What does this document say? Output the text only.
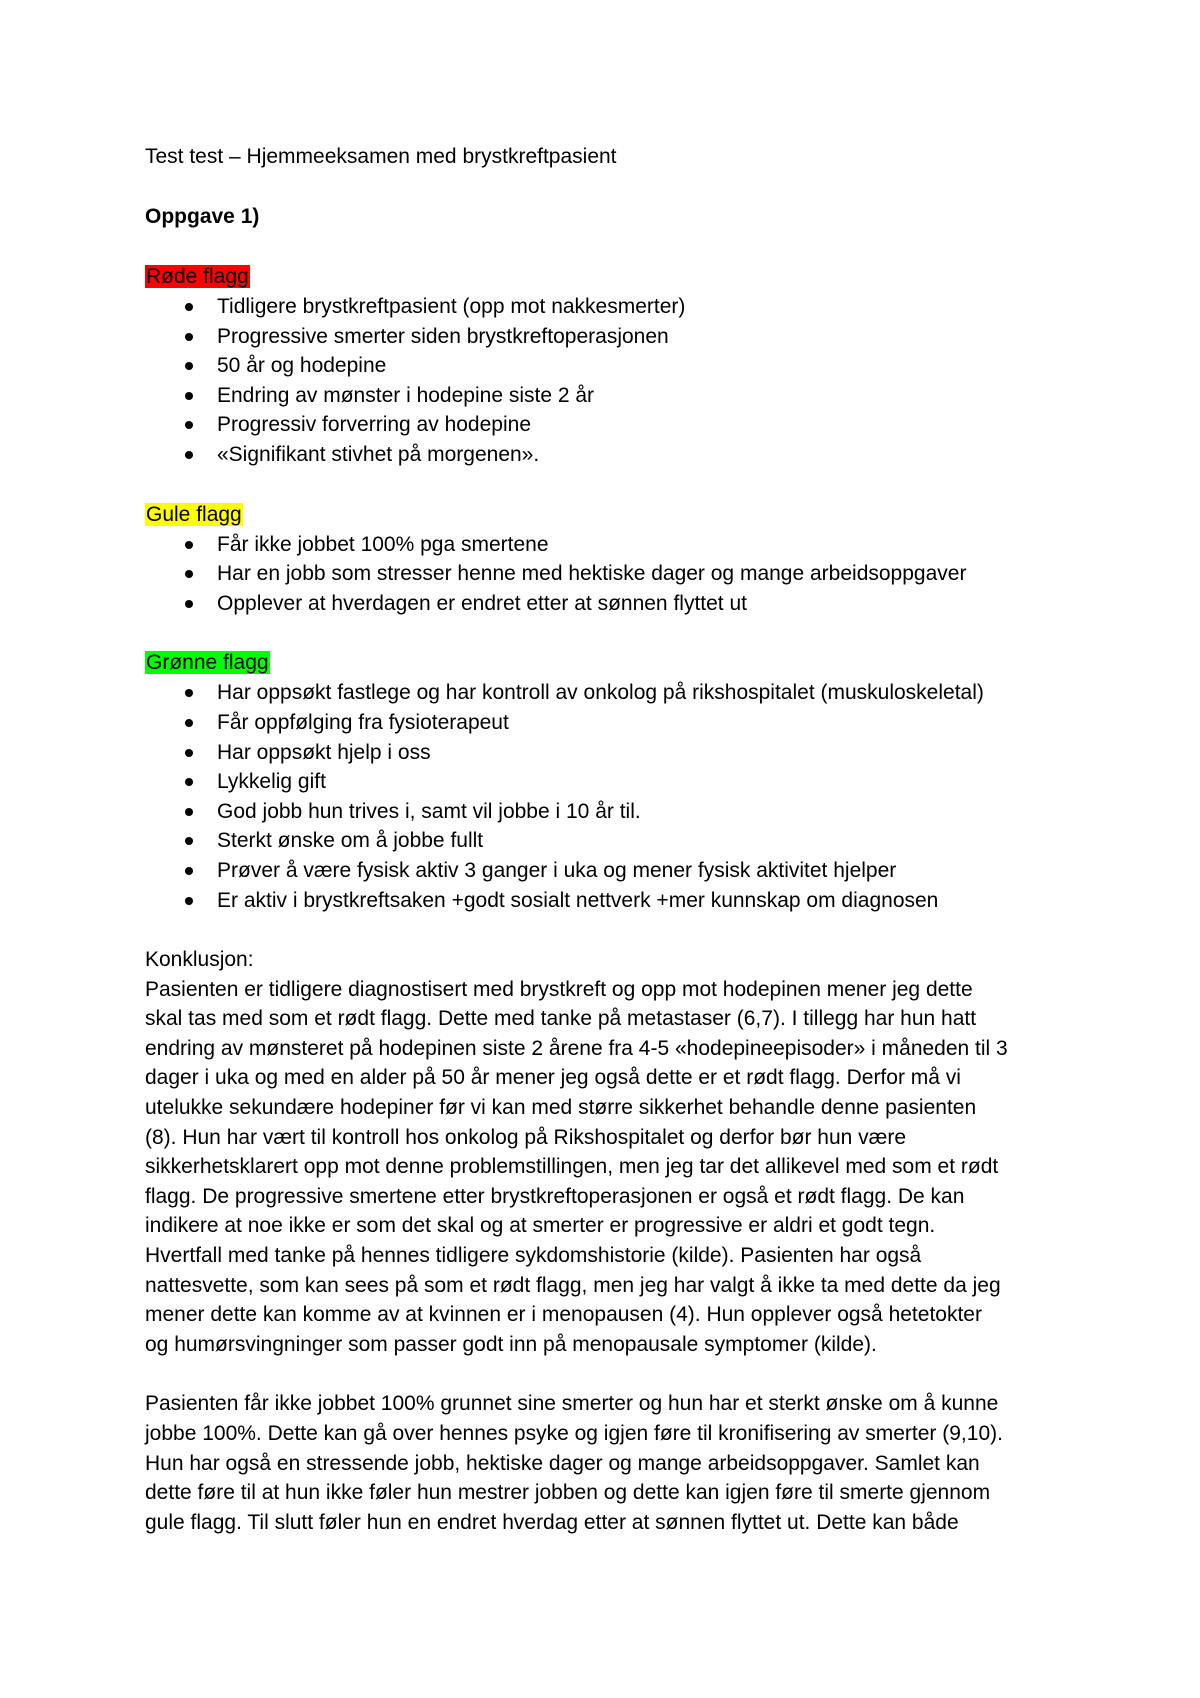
Test test – Hjemmeeksamen med brystkreftpasient
Oppgave 1)
Røde flagg
Tidligere brystkreftpasient (opp mot nakkesmerter)
Progressive smerter siden brystkreftoperasjonen
50 år og hodepine
Endring av mønster i hodepine siste 2 år
Progressiv forverring av hodepine
«Signifikant stivhet på morgenen».
Gule flagg
Får ikke jobbet 100% pga smertene
Har en jobb som stresser henne med hektiske dager og mange arbeidsoppgaver
Opplever at hverdagen er endret etter at sønnen flyttet ut
Grønne flagg
Har oppsøkt fastlege og har kontroll av onkolog på rikshospitalet (muskuloskeletal)
Får oppfølging fra fysioterapeut
Har oppsøkt hjelp i oss
Lykkelig gift
God jobb hun trives i, samt vil jobbe i 10 år til.
Sterkt ønske om å jobbe fullt
Prøver å være fysisk aktiv 3 ganger i uka og mener fysisk aktivitet hjelper
Er aktiv i brystkreftsaken +godt sosialt nettverk +mer kunnskap om diagnosen
Konklusjon:
Pasienten er tidligere diagnostisert med brystkreft og opp mot hodepinen mener jeg dette
skal tas med som et rødt flagg. Dette med tanke på metastaser (6,7). I tillegg har hun hatt
endring av mønsteret på hodepinen siste 2 årene fra 4-5 «hodepineepisoder» i måneden til 3
dager i uka og med en alder på 50 år mener jeg også dette er et rødt flagg. Derfor må vi
utelukke sekundære hodepiner før vi kan med større sikkerhet behandle denne pasienten
(8). Hun har vært til kontroll hos onkolog på Rikshospitalet og derfor bør hun være
sikkerhetsklarert opp mot denne problemstillingen, men jeg tar det allikevel med som et rødt
flagg. De progressive smertene etter brystkreftoperasjonen er også et rødt flagg. De kan
indikere at noe ikke er som det skal og at smerter er progressive er aldri et godt tegn.
Hvertfall med tanke på hennes tidligere sykdomshistorie (kilde). Pasienten har også
nattesvette, som kan sees på som et rødt flagg, men jeg har valgt å ikke ta med dette da jeg
mener dette kan komme av at kvinnen er i menopausen (4). Hun opplever også hetetokter
og humørsvingninger som passer godt inn på menopausale symptomer (kilde).
Pasienten får ikke jobbet 100% grunnet sine smerter og hun har et sterkt ønske om å kunne
jobbe 100%. Dette kan gå over hennes psyke og igjen føre til kronifisering av smerter (9,10).
Hun har også en stressende jobb, hektiske dager og mange arbeidsoppgaver. Samlet kan
dette føre til at hun ikke føler hun mestrer jobben og dette kan igjen føre til smerte gjennom
gule flagg. Til slutt føler hun en endret hverdag etter at sønnen flyttet ut. Dette kan både
